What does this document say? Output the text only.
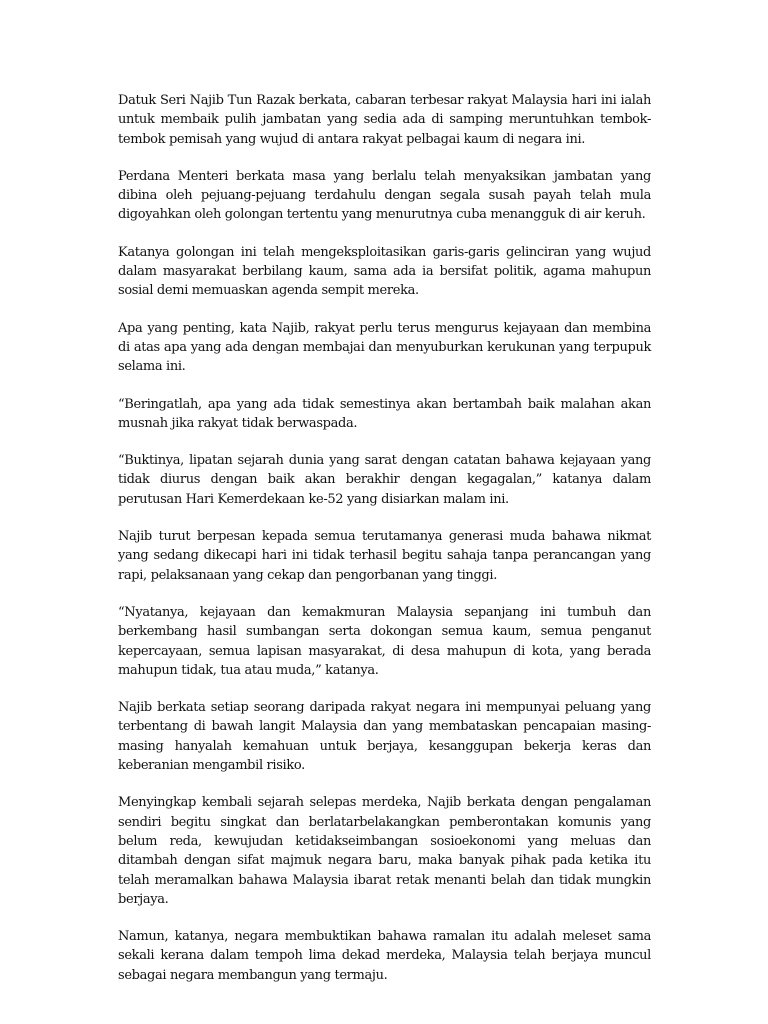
Datuk Seri Najib Tun Razak berkata, cabaran terbesar rakyat Malaysia hari ini ialah untuk membaik pulih jambatan yang sedia ada di samping meruntuhkan tembok-tembok pemisah yang wujud di antara rakyat pelbagai kaum di negara ini.

Perdana Menteri berkata masa yang berlalu telah menyaksikan jambatan yang dibina oleh pejuang-pejuang terdahulu dengan segala susah payah telah mula digoyahkan oleh golongan tertentu yang menurutnya cuba menangguk di air keruh.

Katanya golongan ini telah mengeksploitasikan garis-garis gelinciran yang wujud dalam masyarakat berbilang kaum, sama ada ia bersifat politik, agama mahupun sosial demi memuaskan agenda sempit mereka.

Apa yang penting, kata Najib, rakyat perlu terus mengurus kejayaan dan membina di atas apa yang ada dengan membajai dan menyuburkan kerukunan yang terpupuk selama ini.

“Beringatlah, apa yang ada tidak semestinya akan bertambah baik malahan akan musnah jika rakyat tidak berwaspada.

“Buktinya, lipatan sejarah dunia yang sarat dengan catatan bahawa kejayaan yang tidak diurus dengan baik akan berakhir dengan kegagalan,” katanya dalam perutusan Hari Kemerdekaan ke-52 yang disiarkan malam ini.

Najib turut berpesan kepada semua terutamanya generasi muda bahawa nikmat yang sedang dikecapi hari ini tidak terhasil begitu sahaja tanpa perancangan yang rapi, pelaksanaan yang cekap dan pengorbanan yang tinggi.

“Nyatanya, kejayaan dan kemakmuran Malaysia sepanjang ini tumbuh dan berkembang hasil sumbangan serta dokongan semua kaum, semua penganut kepercayaan, semua lapisan masyarakat, di desa mahupun di kota, yang berada mahupun tidak, tua atau muda,” katanya.

Najib berkata setiap seorang daripada rakyat negara ini mempunyai peluang yang terbentang di bawah langit Malaysia dan yang membataskan pencapaian masing-masing hanyalah kemahuan untuk berjaya, kesanggupan bekerja keras dan keberanian mengambil risiko.

Menyingkap kembali sejarah selepas merdeka, Najib berkata dengan pengalaman sendiri begitu singkat dan berlatarbelakangkan pemberontakan komunis yang belum reda, kewujudan ketidakseimbangan sosioekonomi yang meluas dan ditambah dengan sifat majmuk negara baru, maka banyak pihak pada ketika itu telah meramalkan bahawa Malaysia ibarat retak menanti belah dan tidak mungkin berjaya.

Namun, katanya, negara membuktikan bahawa ramalan itu adalah meleset sama sekali kerana dalam tempoh lima dekad merdeka, Malaysia telah berjaya muncul sebagai negara membangun yang termaju.
